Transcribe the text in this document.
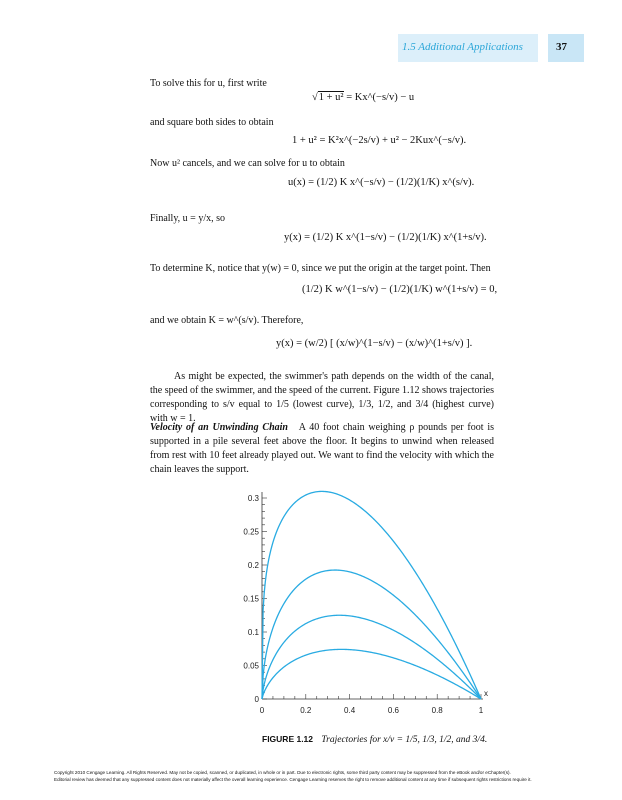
1.5 Additional Applications	37

To solve this for u, first write

√1 + u² = Kx^(−s/v) − u

and square both sides to obtain

1 + u² = K²x^(−2s/v) + u² − 2Kux^(−s/v).

Now u² cancels, and we can solve for u to obtain

u(x) = (1/2) K x^(−s/v) − (1/2)(1/K) x^(s/v).

Finally, u = y/x, so

y(x) = (1/2) K x^(1−s/v) − (1/2)(1/K) x^(1+s/v).

To determine K, notice that y(w) = 0, since we put the origin at the target point. Then

(1/2) K w^(1−s/v) − (1/2)(1/K) w^(1+s/v) = 0,

and we obtain K = w^(s/v). Therefore,

y(x) = (w/2) [ (x/w)^(1−s/v) − (x/w)^(1+s/v) ].

As might be expected, the swimmer's path depends on the width of the canal, the speed of the swimmer, and the speed of the current. Figure 1.12 shows trajectories corresponding to s/v equal to 1/5 (lowest curve), 1/3, 1/2, and 3/4 (highest curve) with w = 1.

Velocity of an Unwinding Chain A 40 foot chain weighing ρ pounds per foot is supported in a pile several feet above the floor. It begins to unwind when released from rest with 10 feet already played out. We want to find the velocity with which the chain leaves the support.

0	0.2	0.4	0.6	0.8	1
0
0.05
0.1
0.15
0.2
0.25
0.3
x
FIGURE 1.12 Trajectories for x/v = 1/5, 1/3, 1/2, and 3/4.

Copyright 2010 Cengage Learning. All Rights Reserved. May not be copied, scanned, or duplicated, in whole or in part. Due to electronic rights, some third party content may be suppressed from the eBook and/or eChapter(s).

Editorial review has deemed that any suppressed content does not materially affect the overall learning experience. Cengage Learning reserves the right to remove additional content at any time if subsequent rights restrictions require it.
